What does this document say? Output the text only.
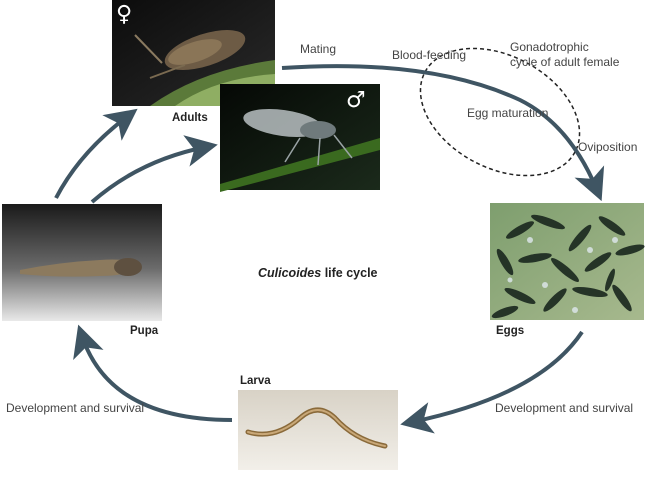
♀
♂
Adults
Eggs
Larva
Pupa
Mating	Blood-feeding
Gonadotrophic
cycle of adult female
Egg maturation
Oviposition
Development and survival
Development and survival
Culicoides life cycle
